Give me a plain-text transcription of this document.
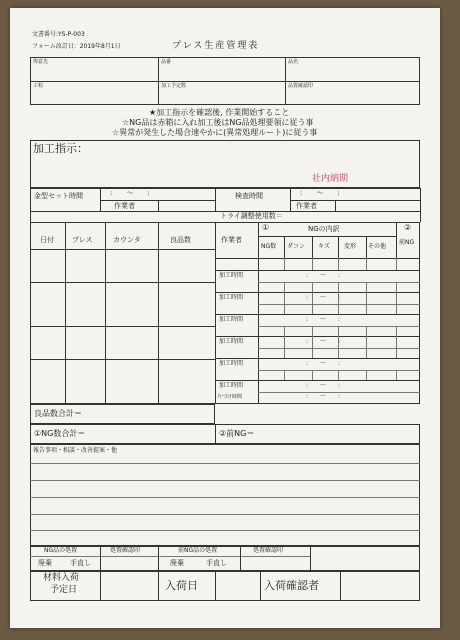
文書番号:YS-P-003
フォーム改訂日：2019年8月1日	プレス生産管理表
得意先	品番	品名
工程	加工予定数	品質確認印
★加工指示を確認後, 作業開始すること
☆NG品は赤箱に入れ加工後はNG品処理要領に従う事
☆異常が発生した場合速やかに(異常処理ルート)に従う事
加工指示：
社内納期
金型セット時間	:　　〜　　:
作業者
検査時間	:　　〜　　:
作業者
トライ調整使用数＝
日付	プレス	カウンタ	良品数	作業者
①	NGの内訳	②
NG数 ダコン キズ 変形 その他
前NG
加工時間	:　　〜　　:
加工時間	:　　〜　　:
加工時間	:　　〜　　:
加工時間	:　　〜　　:
加工時間	:　　〜　　:
加工時間	:　　〜　　:
片づけ時間	:　　〜　　:
良品数合計＝
①NG数合計＝	②前NG＝
報告事項・相談・改善提案・他
NG品の処置	処置確認印
廃棄	手直し
前NG品の処置	処置確認印
廃棄	手直し
材料入荷
予定日	入荷日	入荷確認者
